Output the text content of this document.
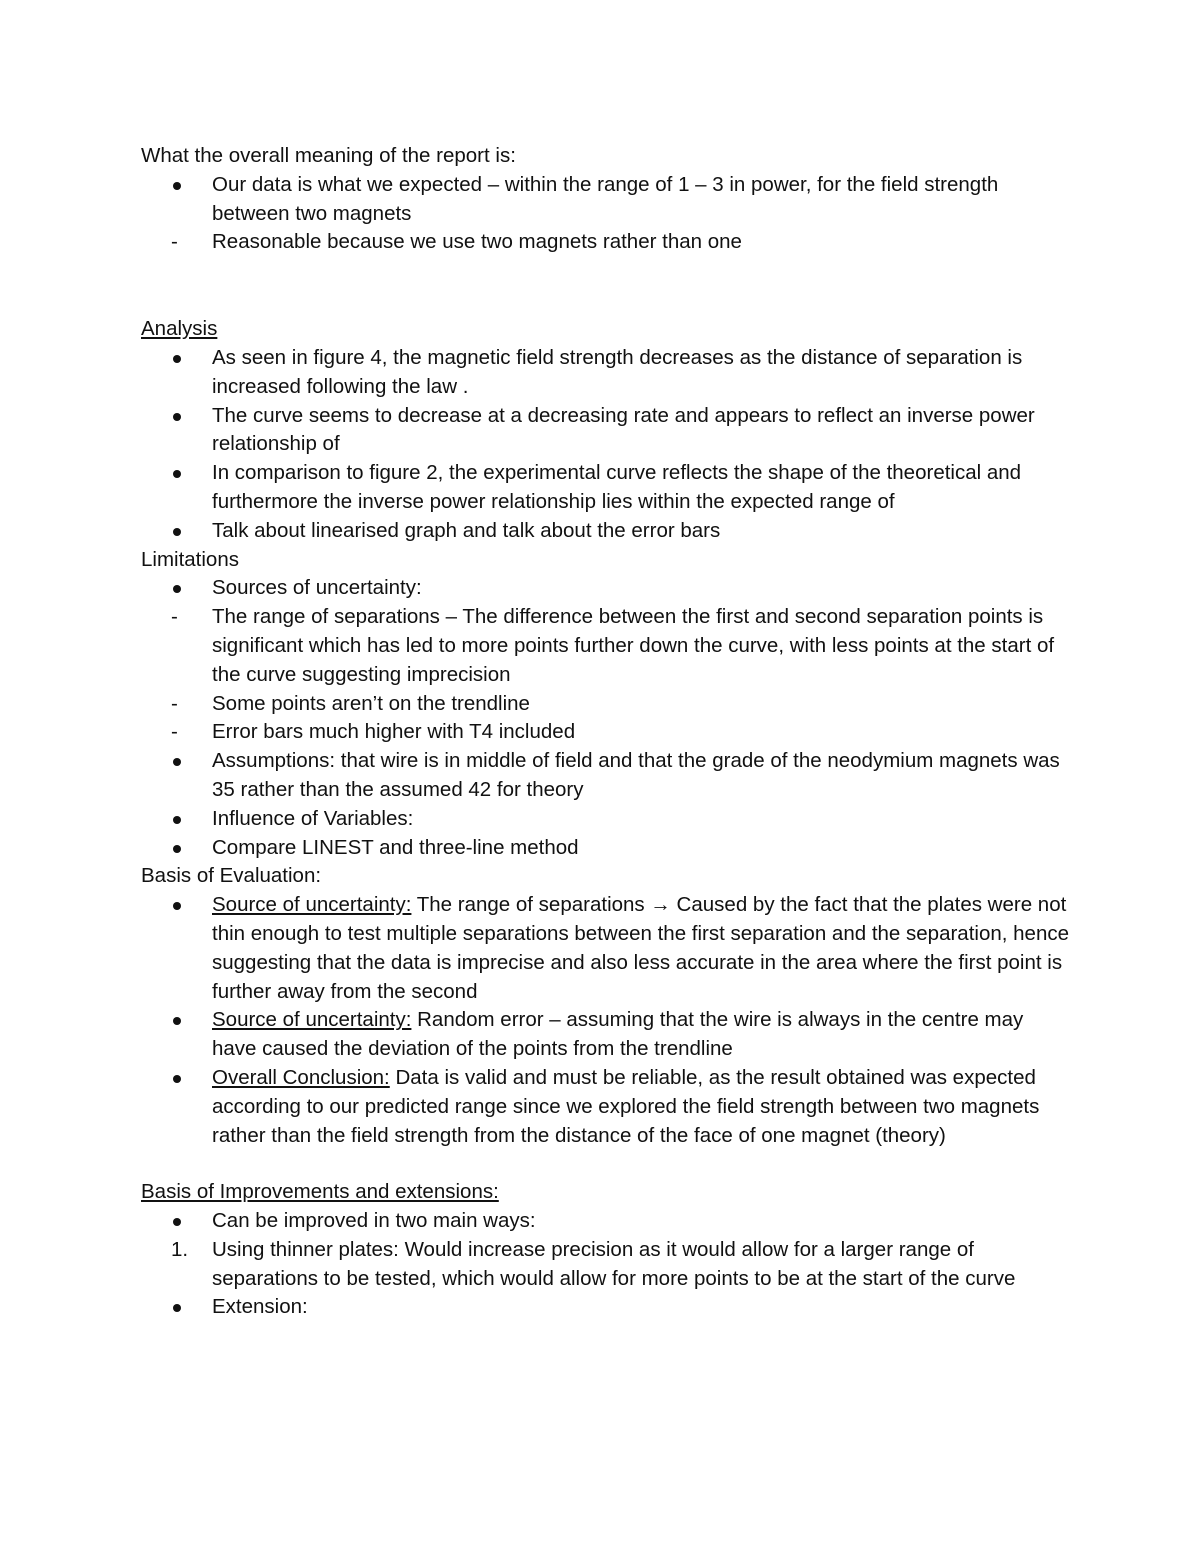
What the overall meaning of the report is:

Our data is what we expected – within the range of 1 – 3 in power, for the field strength between two magnets
-	Reasonable because we use two magnets rather than one

Analysis

As seen in figure 4, the magnetic field strength decreases as the distance of separation is increased following the law .
The curve seems to decrease at a decreasing rate and appears to reflect an inverse power relationship of
In comparison to figure 2, the experimental curve reflects the shape of the theoretical and furthermore the inverse power relationship lies within the expected range of
Talk about linearised graph and talk about the error bars

Limitations

Sources of uncertainty:
-	The range of separations – The difference between the first and second separation points is significant which has led to more points further down the curve, with less points at the start of the curve suggesting imprecision
-	Some points aren’t on the trendline
-	Error bars much higher with T4 included
Assumptions: that wire is in middle of field and that the grade of the neodymium magnets was 35 rather than the assumed 42 for theory
Influence of Variables:
Compare LINEST and three-line method

Basis of Evaluation:

Source of uncertainty: The range of separations → Caused by the fact that the plates were not thin enough to test multiple separations between the first separation and the separation, hence suggesting that the data is imprecise and also less accurate in the area where the first point is further away from the second
Source of uncertainty: Random error – assuming that the wire is always in the centre may have caused the deviation of the points from the trendline
Overall Conclusion: Data is valid and must be reliable, as the result obtained was expected according to our predicted range since we explored the field strength between two magnets rather than the field strength from the distance of the face of one magnet (theory)

Basis of Improvements and extensions:

Can be improved in two main ways:
1.	Using thinner plates: Would increase precision as it would allow for a larger range of separations to be tested, which would allow for more points to be at the start of the curve
Extension:
